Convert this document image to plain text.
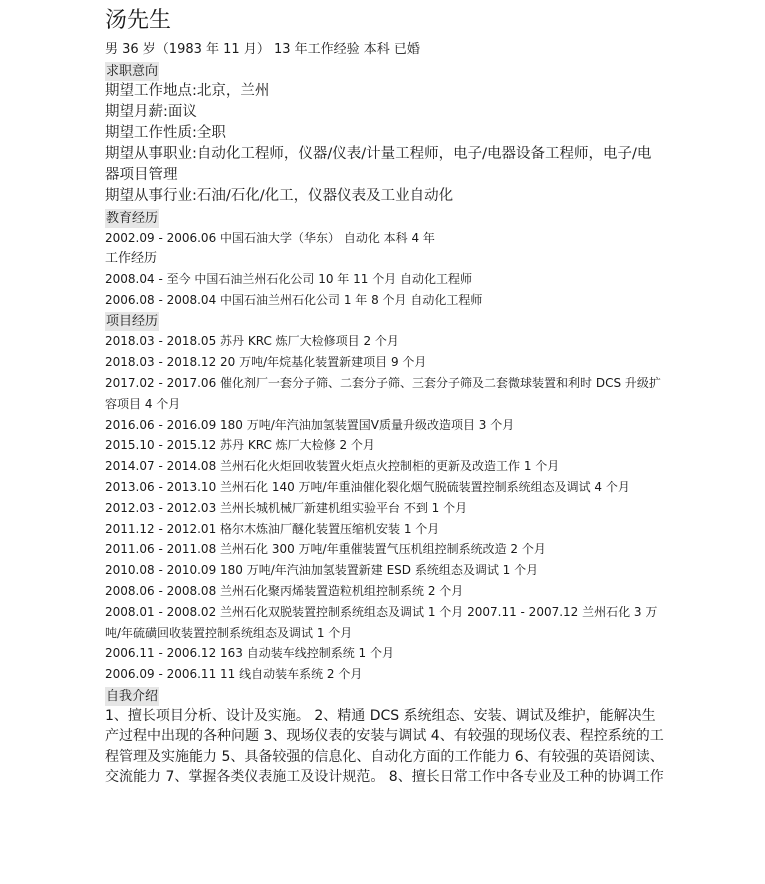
汤先生
男 36 岁（1983 年 11 月） 13 年工作经验 本科 已婚
求职意向
期望工作地点:北京，兰州
期望月薪:面议
期望工作性质:全职
期望从事职业:自动化工程师，仪器/仪表/计量工程师，电子/电器设备工程师，电子/电器项目管理
期望从事行业:石油/石化/化工，仪器仪表及工业自动化
教育经历
2002.09 - 2006.06 中国石油大学（华东） 自动化 本科 4 年
工作经历
2008.04 - 至今 中国石油兰州石化公司 10 年 11 个月 自动化工程师
2006.08 - 2008.04 中国石油兰州石化公司 1 年 8 个月 自动化工程师
项目经历
2018.03 - 2018.05 苏丹 KRC 炼厂大检修项目 2 个月
2018.03 - 2018.12 20 万吨/年烷基化装置新建项目 9 个月
2017.02 - 2017.06 催化剂厂一套分子筛、二套分子筛、三套分子筛及二套微球装置和利时 DCS 升级扩容项目 4 个月
2016.06 - 2016.09 180 万吨/年汽油加氢装置国Ⅴ质量升级改造项目 3 个月
2015.10 - 2015.12 苏丹 KRC 炼厂大检修 2 个月
2014.07 - 2014.08 兰州石化火炬回收装置火炬点火控制柜的更新及改造工作 1 个月
2013.06 - 2013.10 兰州石化 140 万吨/年重油催化裂化烟气脱硫装置控制系统组态及调试 4 个月
2012.03 - 2012.03 兰州长城机械厂新建机组实验平台 不到 1 个月
2011.12 - 2012.01 格尔木炼油厂醚化装置压缩机安装 1 个月
2011.06 - 2011.08 兰州石化 300 万吨/年重催装置气压机组控制系统改造 2 个月
2010.08 - 2010.09 180 万吨/年汽油加氢装置新建 ESD 系统组态及调试 1 个月
2008.06 - 2008.08 兰州石化聚丙烯装置造粒机组控制系统 2 个月
2008.01 - 2008.02 兰州石化双脱装置控制系统组态及调试 1 个月 2007.11 - 2007.12 兰州石化 3 万吨/年硫磺回收装置控制系统组态及调试 1 个月
2006.11 - 2006.12 163 自动装车线控制系统 1 个月
2006.09 - 2006.11 11 线自动装车系统 2 个月
自我介绍
1、擅长项目分析、设计及实施。 2、精通 DCS 系统组态、安装、调试及维护，能解决生产过程中出现的各种问题 3、现场仪表的安装与调试 4、有较强的现场仪表、程控系统的工程管理及实施能力 5、具备较强的信息化、自动化方面的工作能力 6、有较强的英语阅读、交流能力 7、掌握各类仪表施工及设计规范。 8、擅长日常工作中各专业及工种的协调工作
